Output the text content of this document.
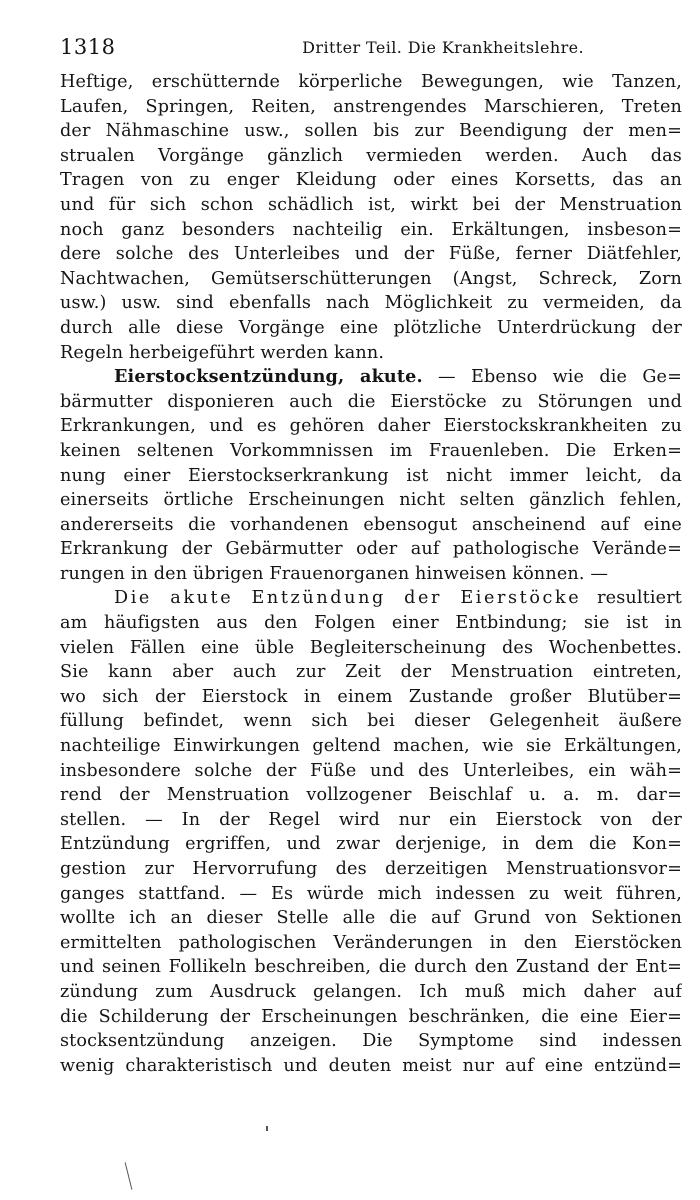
1318	Dritter Teil. Die Krankheitslehre.
Heftige, erschütternde körperliche Bewegungen, wie Tanzen,
Laufen, Springen, Reiten, anstrengendes Marschieren, Treten
der Nähmaschine usw., sollen bis zur Beendigung der men=
strualen Vorgänge gänzlich vermieden werden. Auch das
Tragen von zu enger Kleidung oder eines Korsetts, das an
und für sich schon schädlich ist, wirkt bei der Menstruation
noch ganz besonders nachteilig ein. Erkältungen, insbeson=
dere solche des Unterleibes und der Füße, ferner Diätfehler,
Nachtwachen, Gemütserschütterungen (Angst, Schreck, Zorn
usw.) usw. sind ebenfalls nach Möglichkeit zu vermeiden, da
durch alle diese Vorgänge eine plötzliche Unterdrückung der
Regeln herbeigeführt werden kann.
Eierstocksentzündung, akute. — Ebenso wie die Ge=
bärmutter disponieren auch die Eierstöcke zu Störungen und
Erkrankungen, und es gehören daher Eierstockskrankheiten zu
keinen seltenen Vorkommnissen im Frauenleben. Die Erken=
nung einer Eierstockserkrankung ist nicht immer leicht, da
einerseits örtliche Erscheinungen nicht selten gänzlich fehlen,
andererseits die vorhandenen ebensogut anscheinend auf eine
Erkrankung der Gebärmutter oder auf pathologische Verände=
rungen in den übrigen Frauenorganen hinweisen können. —
Die akute Entzündung der Eierstöcke resultiert
am häufigsten aus den Folgen einer Entbindung; sie ist in
vielen Fällen eine üble Begleiterscheinung des Wochenbettes.
Sie kann aber auch zur Zeit der Menstruation eintreten,
wo sich der Eierstock in einem Zustande großer Blutüber=
füllung befindet, wenn sich bei dieser Gelegenheit äußere
nachteilige Einwirkungen geltend machen, wie sie Erkältungen,
insbesondere solche der Füße und des Unterleibes, ein wäh=
rend der Menstruation vollzogener Beischlaf u. a. m. dar=
stellen. — In der Regel wird nur ein Eierstock von der
Entzündung ergriffen, und zwar derjenige, in dem die Kon=
gestion zur Hervorrufung des derzeitigen Menstruationsvor=
ganges stattfand. — Es würde mich indessen zu weit führen,
wollte ich an dieser Stelle alle die auf Grund von Sektionen
ermittelten pathologischen Veränderungen in den Eierstöcken
und seinen Follikeln beschreiben, die durch den Zustand der Ent=
zündung zum Ausdruck gelangen. Ich muß mich daher auf
die Schilderung der Erscheinungen beschränken, die eine Eier=
stocksentzündung anzeigen. Die Symptome sind indessen
wenig charakteristisch und deuten meist nur auf eine entzünd=
